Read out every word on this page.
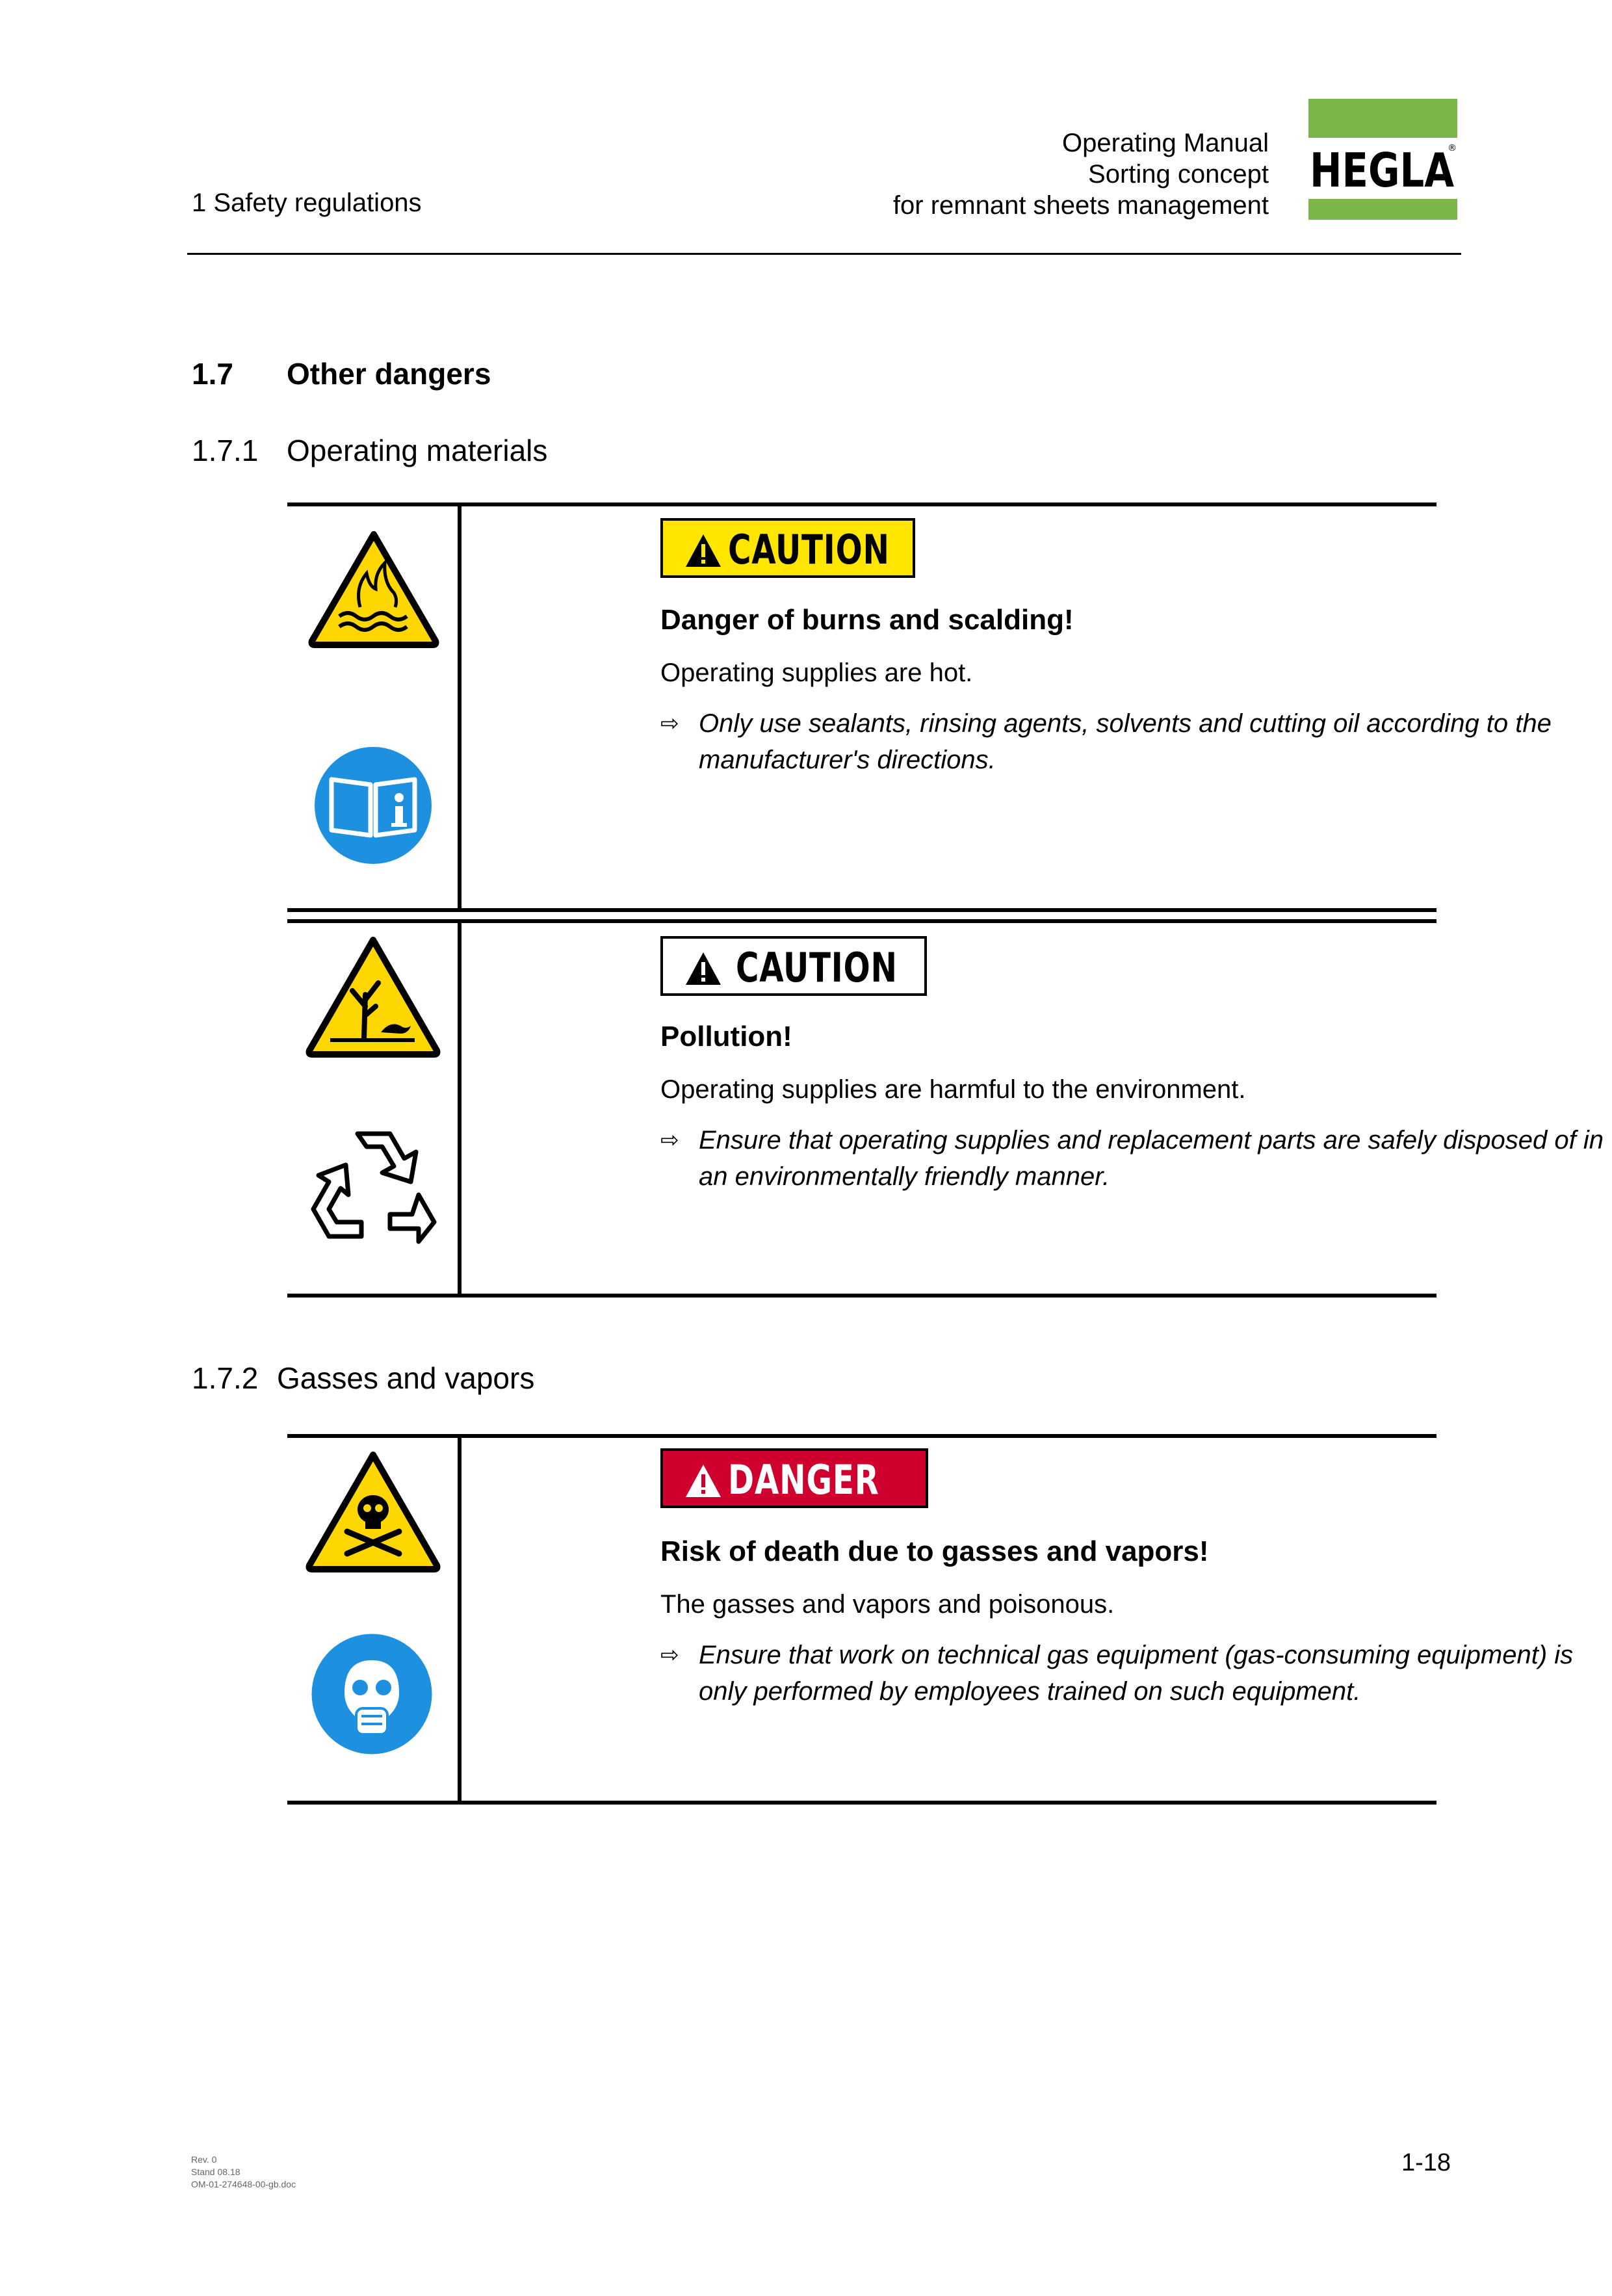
1 Safety regulations
Operating Manual
Sorting concept
for remnant sheets management
HEGLA
®
1.7 Other dangers
1.7.1 Operating materials
CAUTION
Danger of burns and scalding!
Operating supplies are hot.
⇨ Only use sealants, rinsing agents, solvents and cutting oil according to the manufacturer's directions.
CAUTION
Pollution!
Operating supplies are harmful to the environment.
⇨ Ensure that operating supplies and replacement parts are safely disposed of in an environmentally friendly manner.
1.7.2 Gasses and vapors
DANGER
Risk of death due to gasses and vapors!
The gasses and vapors and poisonous.
⇨ Ensure that work on technical gas equipment (gas-consuming equipment) is only performed by employees trained on such equipment.
Rev. 0
Stand 08.18
OM-01-274648-00-gb.doc
1-18
